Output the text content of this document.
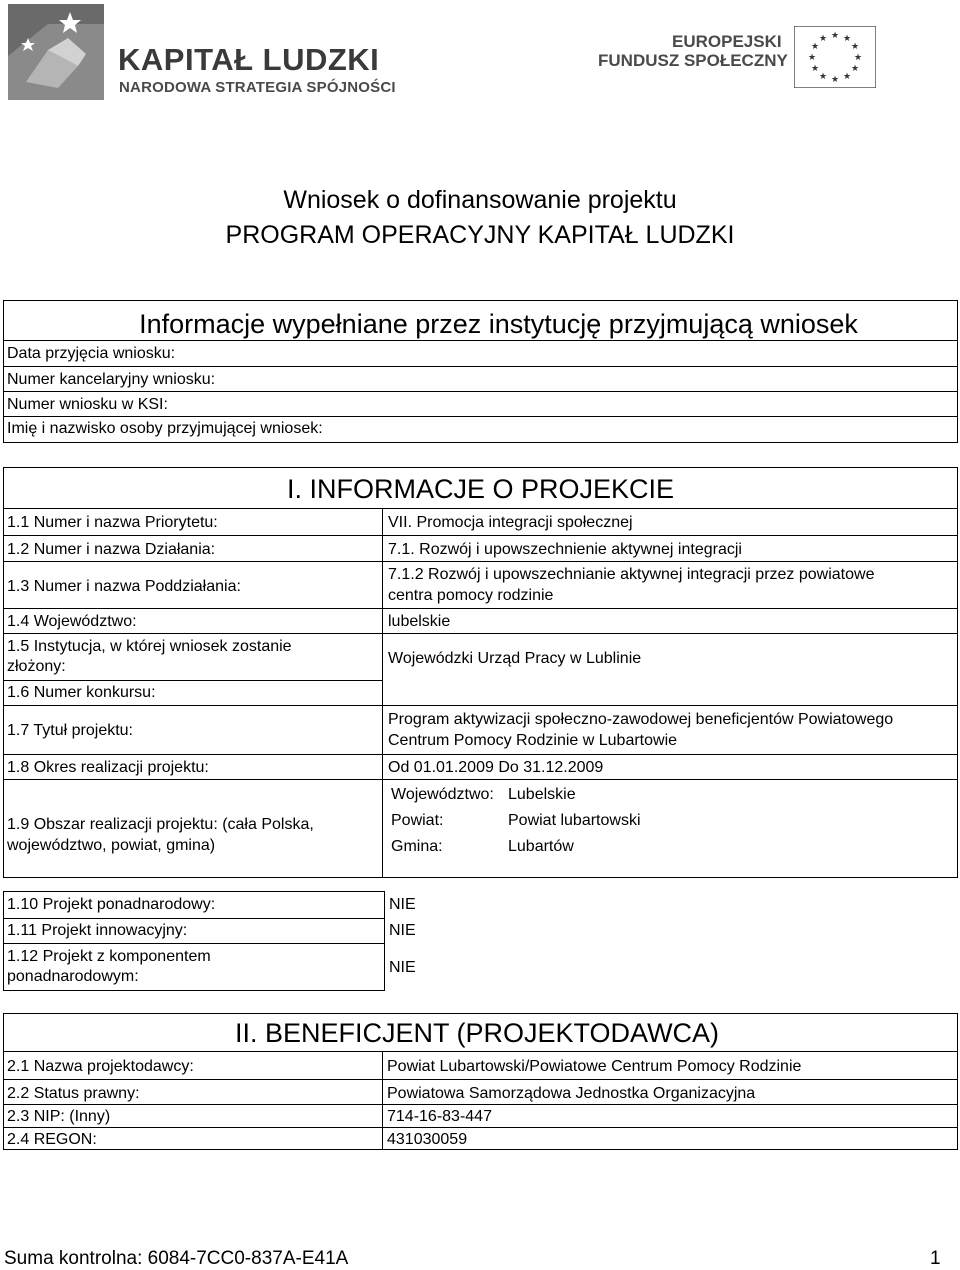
KAPITAŁ LUDZKI
NARODOWA STRATEGIA SPÓJNOŚCI
EUROPEJSKI
FUNDUSZ SPOŁECZNY
★ ★
★
★
★
★
★
★
★
★
★
★
Wniosek o dofinansowanie projektu
PROGRAM OPERACYJNY KAPITAŁ LUDZKI
Informacje wypełniane przez instytucję przyjmującą wniosek
Data przyjęcia wniosku:
Numer kancelaryjny wniosku:
Numer wniosku w KSI:
Imię i nazwisko osoby przyjmującej wniosek:
I. INFORMACJE O PROJEKCIE
1.1 Numer i nazwa Priorytetu:	VII. Promocja integracji społecznej
1.2 Numer i nazwa Działania:	7.1. Rozwój i upowszechnienie aktywnej integracji
1.3 Numer i nazwa Poddziałania:
7.1.2 Rozwój i upowszechnianie aktywnej integracji przez powiatowe
centra pomocy rodzinie
1.4 Województwo:	lubelskie
1.5 Instytucja, w której wniosek zostanie
złożony:	Wojewódzki Urząd Pracy w Lublinie
1.6 Numer konkursu:
1.7 Tytuł projektu:
Program aktywizacji społeczno-zawodowej beneficjentów Powiatowego
Centrum Pomocy Rodzinie w Lubartowie
1.8 Okres realizacji projektu:	Od 01.01.2009 Do 31.12.2009
1.9 Obszar realizacji projektu: (cała Polska,
województwo, powiat, gmina)
Województwo: Lubelskie
Powiat:	Powiat lubartowski
Gmina:	Lubartów
1.10 Projekt ponadnarodowy:	NIE
1.11 Projekt innowacyjny:	NIE
1.12 Projekt z komponentem
ponadnarodowym:
NIE
II. BENEFICJENT (PROJEKTODAWCA)
2.1 Nazwa projektodawcy:	Powiat Lubartowski/Powiatowe Centrum Pomocy Rodzinie
2.2 Status prawny:	Powiatowa Samorządowa Jednostka Organizacyjna
2.3 NIP: (Inny)	714-16-83-447
2.4 REGON:	431030059
Suma kontrolna: 6084-7CC0-837A-E41A	1
